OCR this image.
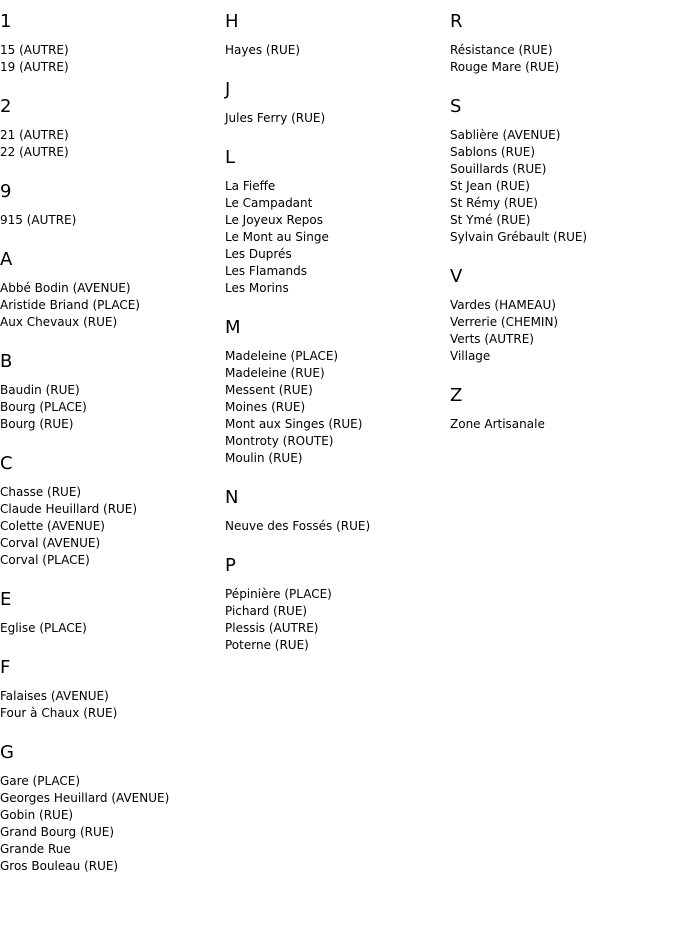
1
15 (AUTRE)
19 (AUTRE)
2
21 (AUTRE)
22 (AUTRE)
9
915 (AUTRE)
A
Abbé Bodin (AVENUE)
Aristide Briand (PLACE)
Aux Chevaux (RUE)
B
Baudin (RUE)
Bourg (PLACE)
Bourg (RUE)
C
Chasse (RUE)
Claude Heuillard (RUE)
Colette (AVENUE)
Corval (AVENUE)
Corval (PLACE)
E
Eglise (PLACE)
F
Falaises (AVENUE)
Four à Chaux (RUE)
G
Gare (PLACE)
Georges Heuillard (AVENUE)
Gobin (RUE)
Grand Bourg (RUE)
Grande Rue
Gros Bouleau (RUE)
H
Hayes (RUE)
J
Jules Ferry (RUE)
L
La Fieffe
Le Campadant
Le Joyeux Repos
Le Mont au Singe
Les Duprés
Les Flamands
Les Morins
M
Madeleine (PLACE)
Madeleine (RUE)
Messent (RUE)
Moines (RUE)
Mont aux Singes (RUE)
Montroty (ROUTE)
Moulin (RUE)
N
Neuve des Fossés (RUE)
P
Pépinière (PLACE)
Pichard (RUE)
Plessis (AUTRE)
Poterne (RUE)
R
Résistance (RUE)
Rouge Mare (RUE)
S
Sablière (AVENUE)
Sablons (RUE)
Souillards (RUE)
St Jean (RUE)
St Rémy (RUE)
St Ymé (RUE)
Sylvain Grébault (RUE)
V
Vardes (HAMEAU)
Verrerie (CHEMIN)
Verts (AUTRE)
Village
Z
Zone Artisanale
